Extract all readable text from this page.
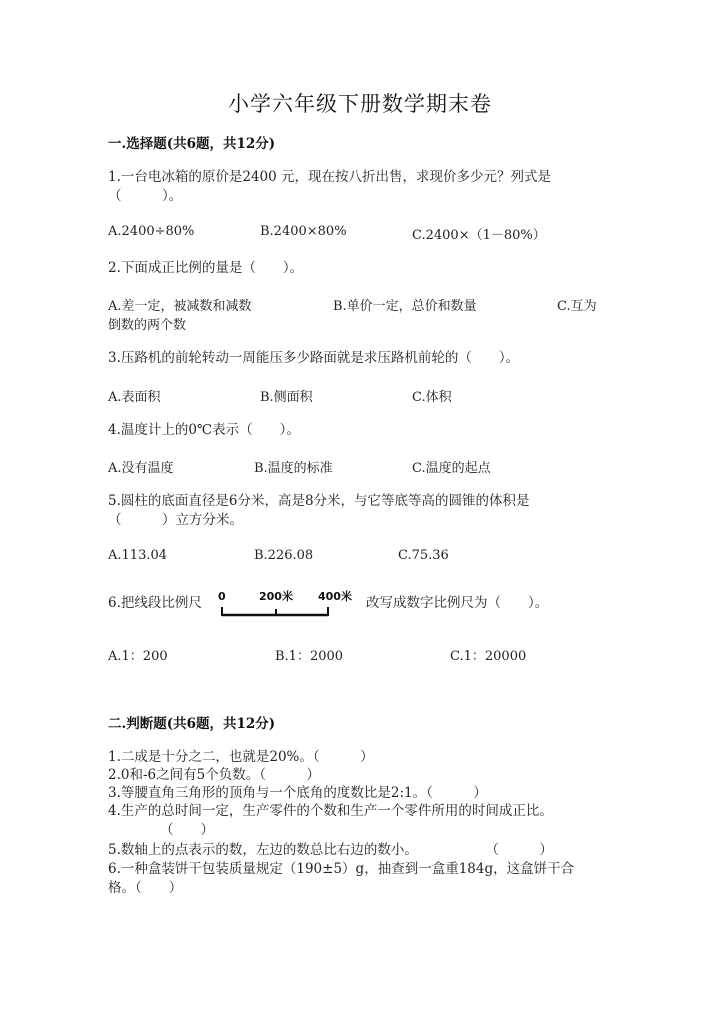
小学六年级下册数学期末卷
一.选择题(共6题，共12分)
1.一台电冰箱的原价是2400 元，现在按八折出售，求现价多少元？列式是
（　　　）。
A.2400÷80%	B.2400×80%	C.2400×（1－80%）
2.下面成正比例的量是（　　）。
A.差一定，被减数和减数	B.单价一定，总价和数量	C.互为
倒数的两个数
3.压路机的前轮转动一周能压多少路面就是求压路机前轮的（　　）。
A.表面积	B.侧面积	C.体积
4.温度计上的0℃表示（　　）。
A.没有温度	B.温度的标准	C.温度的起点
5.圆柱的底面直径是6分米，高是8分米，与它等底等高的圆锥的体积是
（　　　）立方分米。
A.113.04	B.226.08	C.75.36
6.把线段比例尺 0	200米 400米 改写成数字比例尺为（　　）。
A.1：200	B.1：2000	C.1：20000
二.判断题(共6题，共12分)
1.二成是十分之二，也就是20%。（　　　）
2.0和-6之间有5个负数。（　　　）
3.等腰直角三角形的顶角与一个底角的度数比是2:1。（　　　）
4.生产的总时间一定，生产零件的个数和生产一个零件所用的时间成正比。
（　　）
5.数轴上的点表示的数，左边的数总比右边的数小。　　　　　　（　　　）
6.一种盒装饼干包装质量规定（190±5）g，抽查到一盒重184g，这盒饼干合
格。（　　）
